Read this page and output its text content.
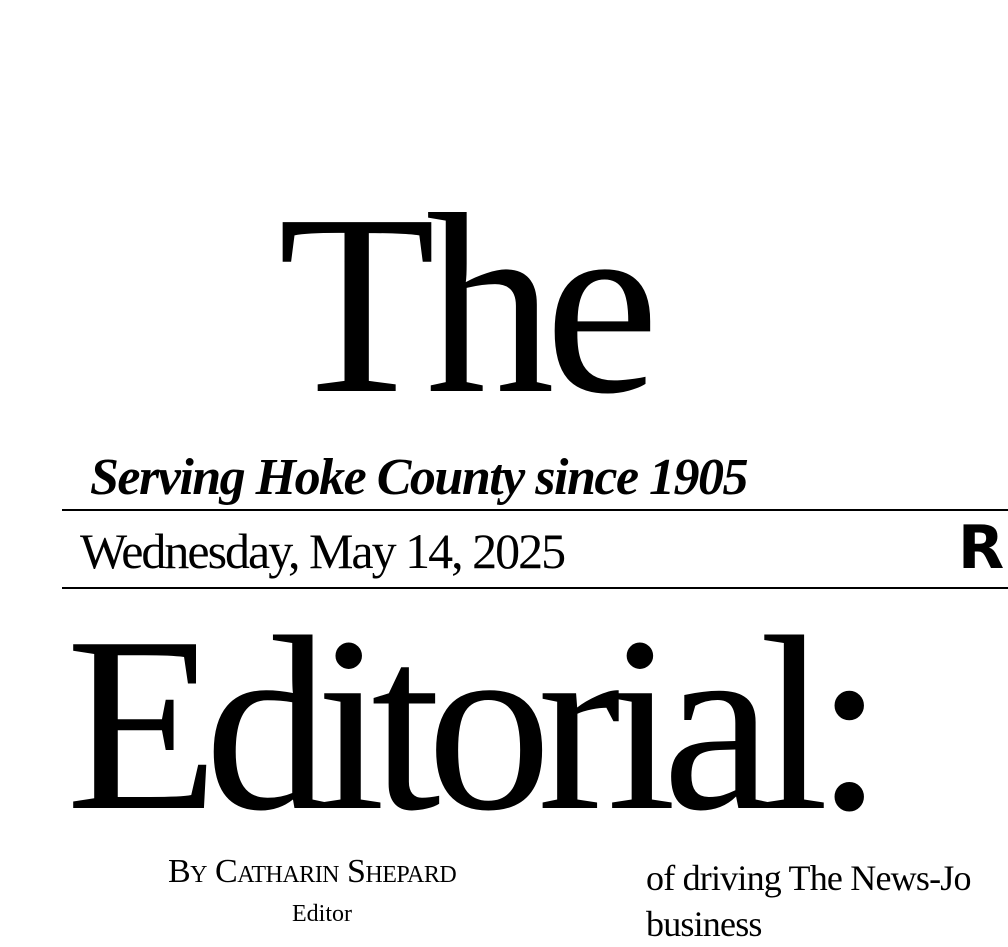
The
Serving Hoke County since 1905
Wednesday, May 14, 2025	R
Editorial:
By Catharin Shepard
Editor
of driving The News-Jo
business
